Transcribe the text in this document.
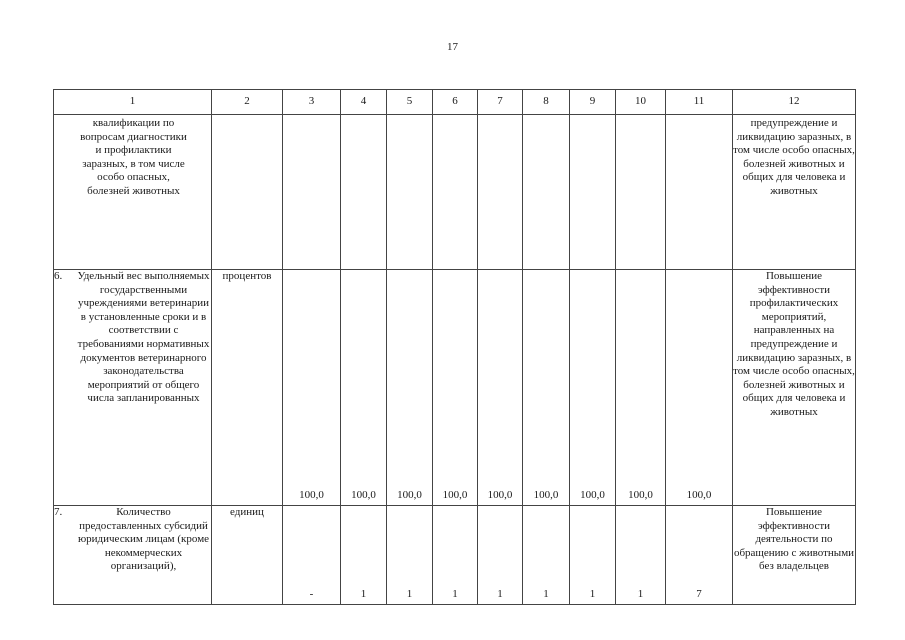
17
1	2	3	4	5	6	7	8	9	10	11	12
квалификации по вопросам диагностики и профилактики заразных, в том числе особо опасных, болезней животных											предупреждение и ликвидацию заразных, в том числе особо опасных, болезней животных и общих для человека и животных

6. Удельный вес выполняемых государственными учреждениями ветеринарии в установленные сроки и в соответствии с требованиями нормативных документов ветеринарного законодательства мероприятий от общего числа запланированных	процентов	100,0	100,0	100,0	100,0	100,0	100,0	100,0	100,0	100,0	Повышение эффективности профилактических мероприятий, направленных на предупреждение и ликвидацию заразных, в том числе особо опасных, болезней животных и общих для человека и животных

7. Количество предоставленных субсидий юридическим лицам (кроме некоммерческих организаций),	единиц	-	1	1	1	1	1	1	1	7	Повышение эффективности деятельности по обращению с животными без владельцев
